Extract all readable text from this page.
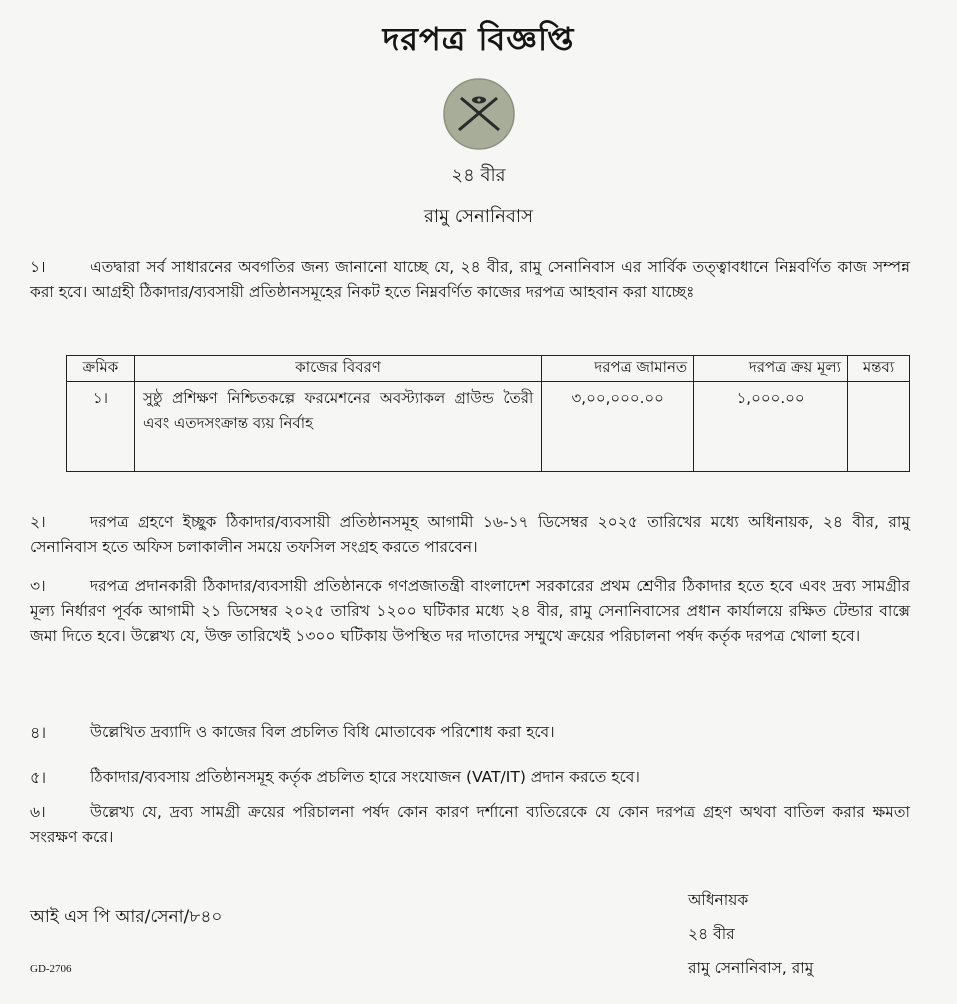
দরপত্র বিজ্ঞপ্তি
২৪ বীর
রামু সেনানিবাস
১।	এতদ্বারা সর্ব সাধারনের অবগতির জন্য জানানো যাচ্ছে যে, ২৪ বীর, রামু সেনানিবাস এর সার্বিক তত্ত্বাবধানে নিম্নবর্ণিত কাজ সম্পন্ন করা হবে। আগ্রহী ঠিকাদার/ব্যবসায়ী প্রতিষ্ঠানসমূহের নিকট হতে নিম্নবর্ণিত কাজের দরপত্র আহবান করা যাচ্ছেঃ
ক্রমিক	কাজের বিবরণ	দরপত্র জামানত	দরপত্র ক্রয় মূল্য	মন্তব্য
১।	সুষ্ঠু প্রশিক্ষণ নিশ্চিতকল্পে ফরমেশনের অবস্ট্যাকল গ্রাউন্ড তৈরী এবং এতদসংক্রান্ত ব্যয় নির্বাহ	৩,০০,০০০.০০	১,০০০.০০	
২।	দরপত্র গ্রহণে ইচ্ছুক ঠিকাদার/ব্যবসায়ী প্রতিষ্ঠানসমূহ আগামী ১৬-১৭ ডিসেম্বর ২০২৫ তারিখের মধ্যে অধিনায়ক, ২৪ বীর, রামু সেনানিবাস হতে অফিস চলাকালীন সময়ে তফসিল সংগ্রহ করতে পারবেন।
৩।	দরপত্র প্রদানকারী ঠিকাদার/ব্যবসায়ী প্রতিষ্ঠানকে গণপ্রজাতন্ত্রী বাংলাদেশ সরকারের প্রথম শ্রেণীর ঠিকাদার হতে হবে এবং দ্রব্য সামগ্রীর মূল্য নির্ধারণ পূর্বক আগামী ২১ ডিসেম্বর ২০২৫ তারিখ ১২০০ ঘটিকার মধ্যে ২৪ বীর, রামু সেনানিবাসের প্রধান কার্যালয়ে রক্ষিত টেন্ডার বাক্সে জমা দিতে হবে। উল্লেখ্য যে, উক্ত তারিখেই ১৩০০ ঘটিকায় উপস্থিত দর দাতাদের সম্মুখে ক্রয়ের পরিচালনা পর্ষদ কর্তৃক দরপত্র খোলা হবে।
৪।	উল্লেখিত দ্রব্যাদি ও কাজের বিল প্রচলিত বিধি মোতাবেক পরিশোধ করা হবে।
৫।	ঠিকাদার/ব্যবসায় প্রতিষ্ঠানসমূহ কর্তৃক প্রচলিত হারে সংযোজন (VAT/IT) প্রদান করতে হবে।
৬।	উল্লেখ্য যে, দ্রব্য সামগ্রী ক্রয়ের পরিচালনা পর্ষদ কোন কারণ দর্শানো ব্যতিরেকে যে কোন দরপত্র গ্রহণ অথবা বাতিল করার ক্ষমতা সংরক্ষণ করে।
আই এস পি আর/সেনা/৮৪০
GD-2706
অধিনায়ক
২৪ বীর
রামু সেনানিবাস, রামু
